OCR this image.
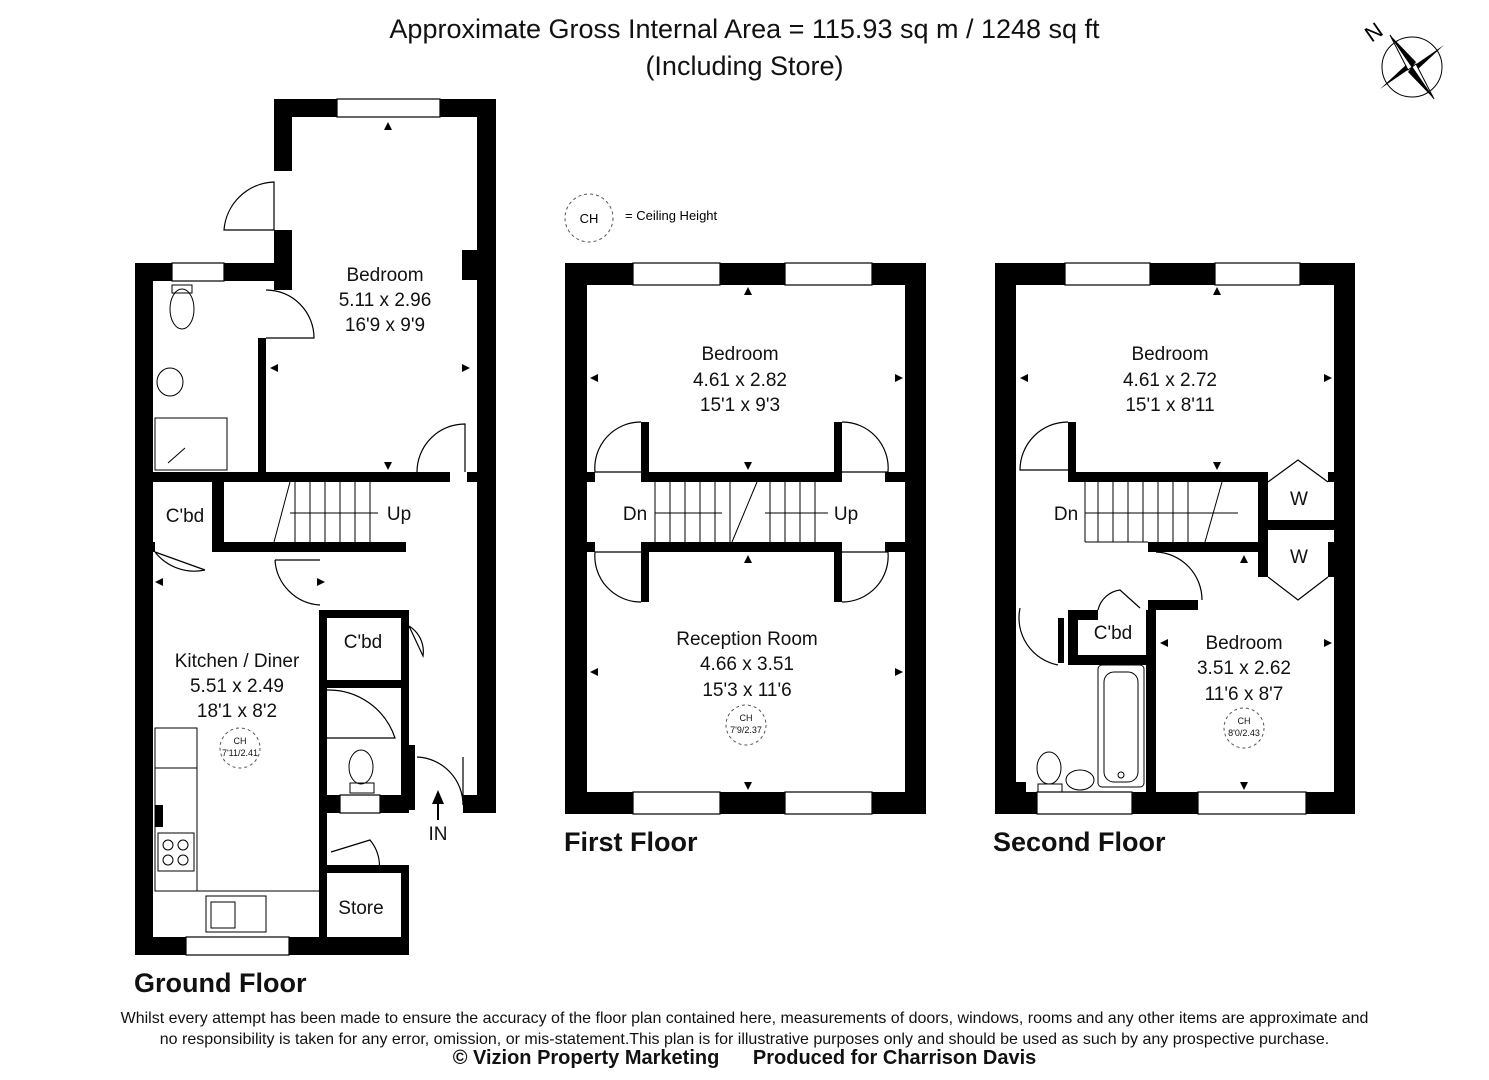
Approximate Gross Internal Area = 115.93 sq m / 1248 sq ft
(Including Store)
N
CH = Ceiling Height
Bedroom
5.11 x 2.96
16'9 x 9'9
C'bd	Up
C'bd
Kitchen / Diner
5.51 x 2.49
18'1 x 8'2
CH
7'11/2.41
Store
IN
Ground Floor
Bedroom
4.61 x 2.82
15'1 x 9'3
Dn	Up
Reception Room
4.66 x 3.51
15'3 x 11'6
CH
7'9/2.37
First Floor
Bedroom
4.61 x 2.72
15'1 x 8'11
Dn
W
W
C'bd	Bedroom
3.51 x 2.62
11'6 x 8'7
CH
8'0/2.43
Second Floor
Whilst every attempt has been made to ensure the accuracy of the floor plan contained here, measurements of doors, windows, rooms and any other items are approximate and
no responsibility is taken for any error, omission, or mis-statement.This plan is for illustrative purposes only and should be used as such by any prospective purchase.
© Vizion Property Marketing Produced for Charrison Davis
